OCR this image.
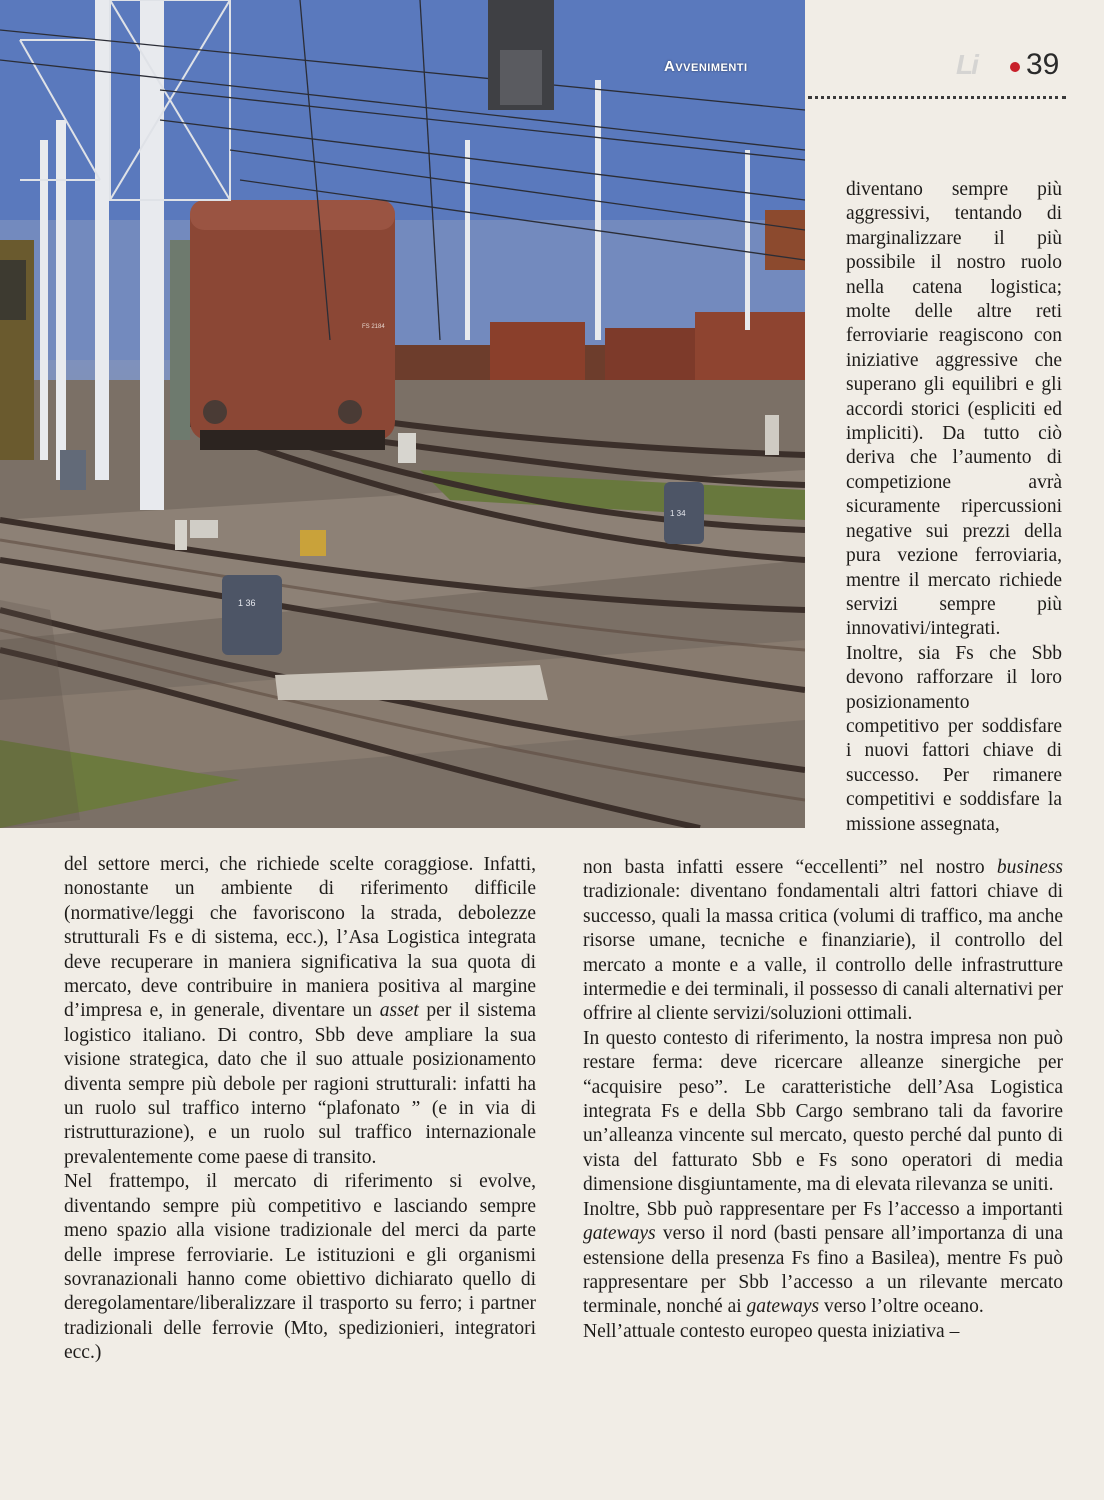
FS 2184
1 36
1 34
Avvenimenti	Li	39

diventano sempre più aggressivi, tentando di marginalizzare il più possibile il nostro ruolo nella catena logistica; molte delle altre reti ferroviarie reagiscono con iniziative aggressive che superano gli equilibri e gli accordi storici (espliciti ed impliciti). Da tutto ciò deriva che l’aumento di competizione avrà sicuramente ripercussioni negative sui prezzi della pura vezione ferroviaria, mentre il mercato richiede servizi sempre più innovativi/integrati.

Inoltre, sia Fs che Sbb devono rafforzare il loro posizionamento competitivo per soddisfare i nuovi fattori chiave di successo. Per rimanere competitivi e soddisfare la missione assegnata,

del settore merci, che richiede scelte coraggiose. Infatti, nonostante un ambiente di riferimento difficile (normative/leggi che favoriscono la strada, debolezze strutturali Fs e di sistema, ecc.), l’Asa Logistica integrata deve recuperare in maniera significativa la sua quota di mercato, deve contribuire in maniera positiva al margine d’impresa e, in generale, diventare un asset per il sistema logistico italiano. Di contro, Sbb deve ampliare la sua visione strategica, dato che il suo attuale posizionamento diventa sempre più debole per ragioni strutturali: infatti ha un ruolo sul traffico interno “plafonato ” (e in via di ristrutturazione), e un ruolo sul traffico internazionale prevalentemente come paese di transito.

Nel frattempo, il mercato di riferimento si evolve, diventando sempre più competitivo e lasciando sempre meno spazio alla visione tradizionale del merci da parte delle imprese ferroviarie. Le istituzioni e gli organismi sovranazionali hanno come obiettivo dichiarato quello di deregolamentare/liberalizzare il trasporto su ferro; i partner tradizionali delle ferrovie (Mto, spedizionieri, integratori ecc.)

non basta infatti essere “eccellenti” nel nostro business tradizionale: diventano fondamentali altri fattori chiave di successo, quali la massa critica (volumi di traffico, ma anche risorse umane, tecniche e finanziarie), il controllo del mercato a monte e a valle, il controllo delle infrastrutture intermedie e dei terminali, il possesso di canali alternativi per offrire al cliente servizi/soluzioni ottimali.

In questo contesto di riferimento, la nostra impresa non può restare ferma: deve ricercare alleanze sinergiche per “acquisire peso”. Le caratteristiche dell’Asa Logistica integrata Fs e della Sbb Cargo sembrano tali da favorire un’alleanza vincente sul mercato, questo perché dal punto di vista del fatturato Sbb e Fs sono operatori di media dimensione disgiuntamente, ma di elevata rilevanza se uniti.

Inoltre, Sbb può rappresentare per Fs l’accesso a importanti gateways verso il nord (basti pensare all’importanza di una estensione della presenza Fs fino a Basilea), mentre Fs può rappresentare per Sbb l’accesso a un rilevante mercato terminale, nonché ai gateways verso l’oltre oceano.

Nell’attuale contesto europeo questa iniziativa –
